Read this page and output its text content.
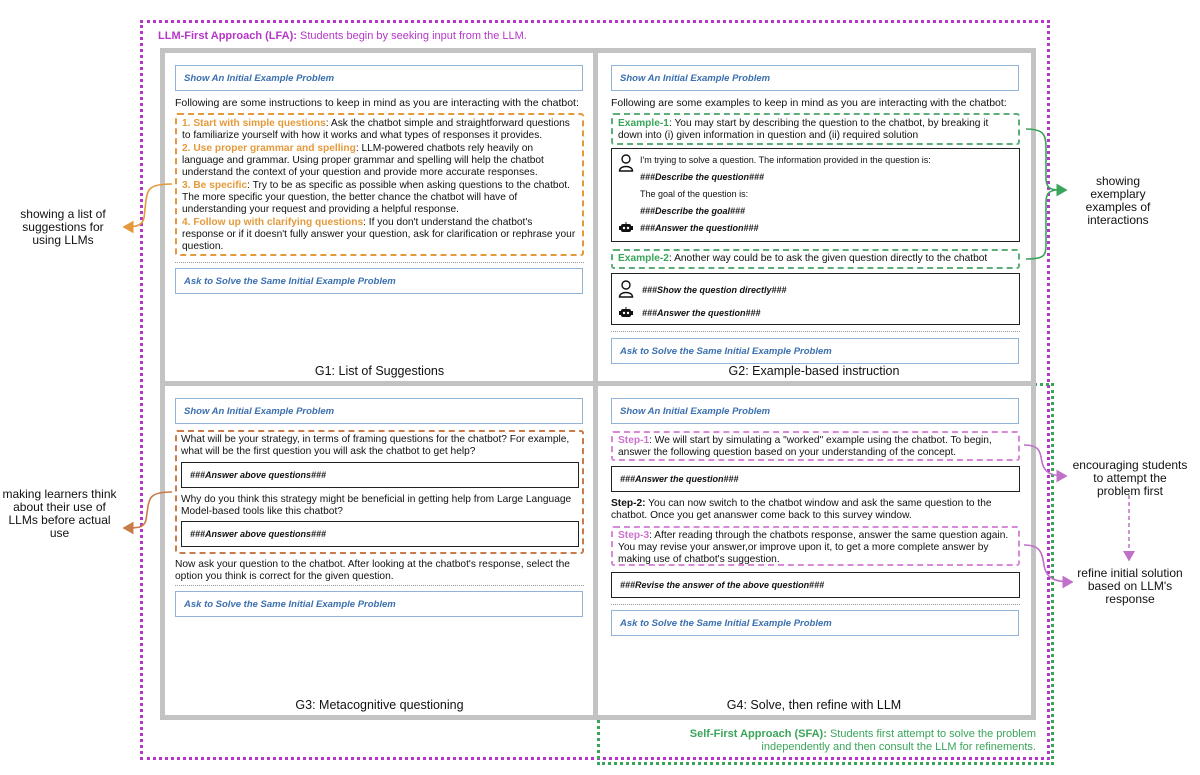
LLM-First Approach (LFA): Students begin by seeking input from the LLM.
Show An Initial Example Problem
Following are some instructions to keep in mind as you are interacting with the chatbot:
1. Start with simple questions: Ask the chatbot simple and straightforward questions to familiarize yourself with how it works and what types of responses it provides.
2. Use proper grammar and spelling: LLM-powered chatbots rely heavily on language and grammar. Using proper grammar and spelling will help the chatbot understand the context of your question and provide more accurate responses.
3. Be specific: Try to be as specific as possible when asking questions to the chatbot. The more specific your question, the better chance the chatbot will have of understanding your request and providing a helpful response.
4. Follow up with clarifying questions: If you don't understand the chatbot's response or if it doesn't fully answer your question, ask for clarification or rephrase your question.
Ask to Solve the Same Initial Example Problem
G1: List of Suggestions
Show An Initial Example Problem
Following are some examples to keep in mind as you are interacting with the chatbot:
Example-1: You may start by describing the question to the chatbot, by breaking it down into (i) given information in question and (ii) required solution
I'm trying to solve a question. The information provided in the question is:
###Describe the question###
The goal of the question is:
###Describe the goal###
###Answer the question###
Example-2: Another way could be to ask the given question directly to the chatbot
###Show the question directly###
###Answer the question###
Ask to Solve the Same Initial Example Problem
G2: Example-based instruction
Show An Initial Example Problem
What will be your strategy, in terms of framing questions for the chatbot? For example, what will be the first question you will ask the chatbot to get help?
###Answer above questions###
Why do you think this strategy might be beneficial in getting help from Large Language Model-based tools like this chatbot?
###Answer above questions###
Now ask your question to the chatbot. After looking at the chatbot's response, select the option you think is correct for the given question.
Ask to Solve the Same Initial Example Problem
G3: Metacognitive questioning
Show An Initial Example Problem
Step-1: We will start by simulating a "worked" example using the chatbot. To begin, answer the following question based on your understanding of the concept.
###Answer the question###
Step-2: You can now switch to the chatbot window and ask the same question to the chatbot. Once you get ananswer come back to this survey window.
Step-3: After reading through the chatbots response, answer the same question again. You may revise your answer,or improve upon it, to get a more complete answer by making use of chatbot's suggestion.
###Revise the answer of the above question###
Ask to Solve the Same Initial Example Problem
G4: Solve, then refine with LLM
Self-First Approach (SFA): Students first attempt to solve the problem
independently and then consult the LLM for refinements.
showing a list of suggestions for using LLMs
making learners think about their use of LLMs before actual use
showing exemplary examples of interactions
encouraging students to attempt the problem first
refine initial solution based on LLM's response
